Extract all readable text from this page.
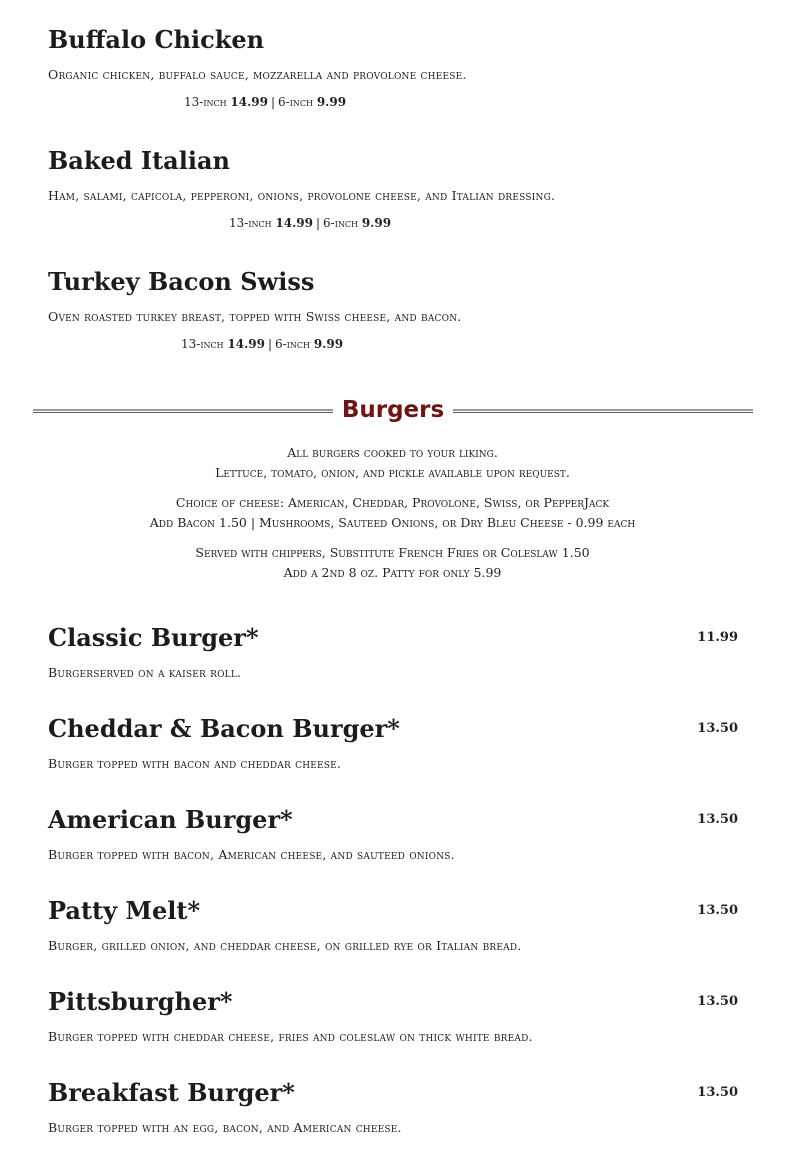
Buffalo Chicken

Organic chicken, buffalo sauce, mozzarella and provolone cheese.

13-inch 14.99 | 6-inch 9.99
Baked Italian

Ham, salami, capicola, pepperoni, onions, provolone cheese, and Italian dressing.

13-inch 14.99 | 6-inch 9.99
Turkey Bacon Swiss

Oven roasted turkey breast, topped with Swiss cheese, and bacon.

13-inch 14.99 | 6-inch 9.99
Burgers

All burgers cooked to your liking.

Lettuce, tomato, onion, and pickle available upon request.

Choice of cheese: American, Cheddar, Provolone, Swiss, or PepperJack

Add Bacon 1.50 | Mushrooms, Sauteed Onions, or Dry Bleu Cheese - 0.99 each

Served with chippers, Substitute French Fries or Coleslaw 1.50

Add a 2nd 8 oz. Patty for only 5.99

Classic Burger*

Burgerserved on a kaiser roll.

11.99
Cheddar & Bacon Burger*

Burger topped with bacon and cheddar cheese.

13.50
American Burger*

Burger topped with bacon, American cheese, and sauteed onions.

13.50
Patty Melt*

Burger, grilled onion, and cheddar cheese, on grilled rye or Italian bread.

13.50
Pittsburgher*

Burger topped with cheddar cheese, fries and coleslaw on thick white bread.

13.50
Breakfast Burger*

Burger topped with an egg, bacon, and American cheese.

13.50
